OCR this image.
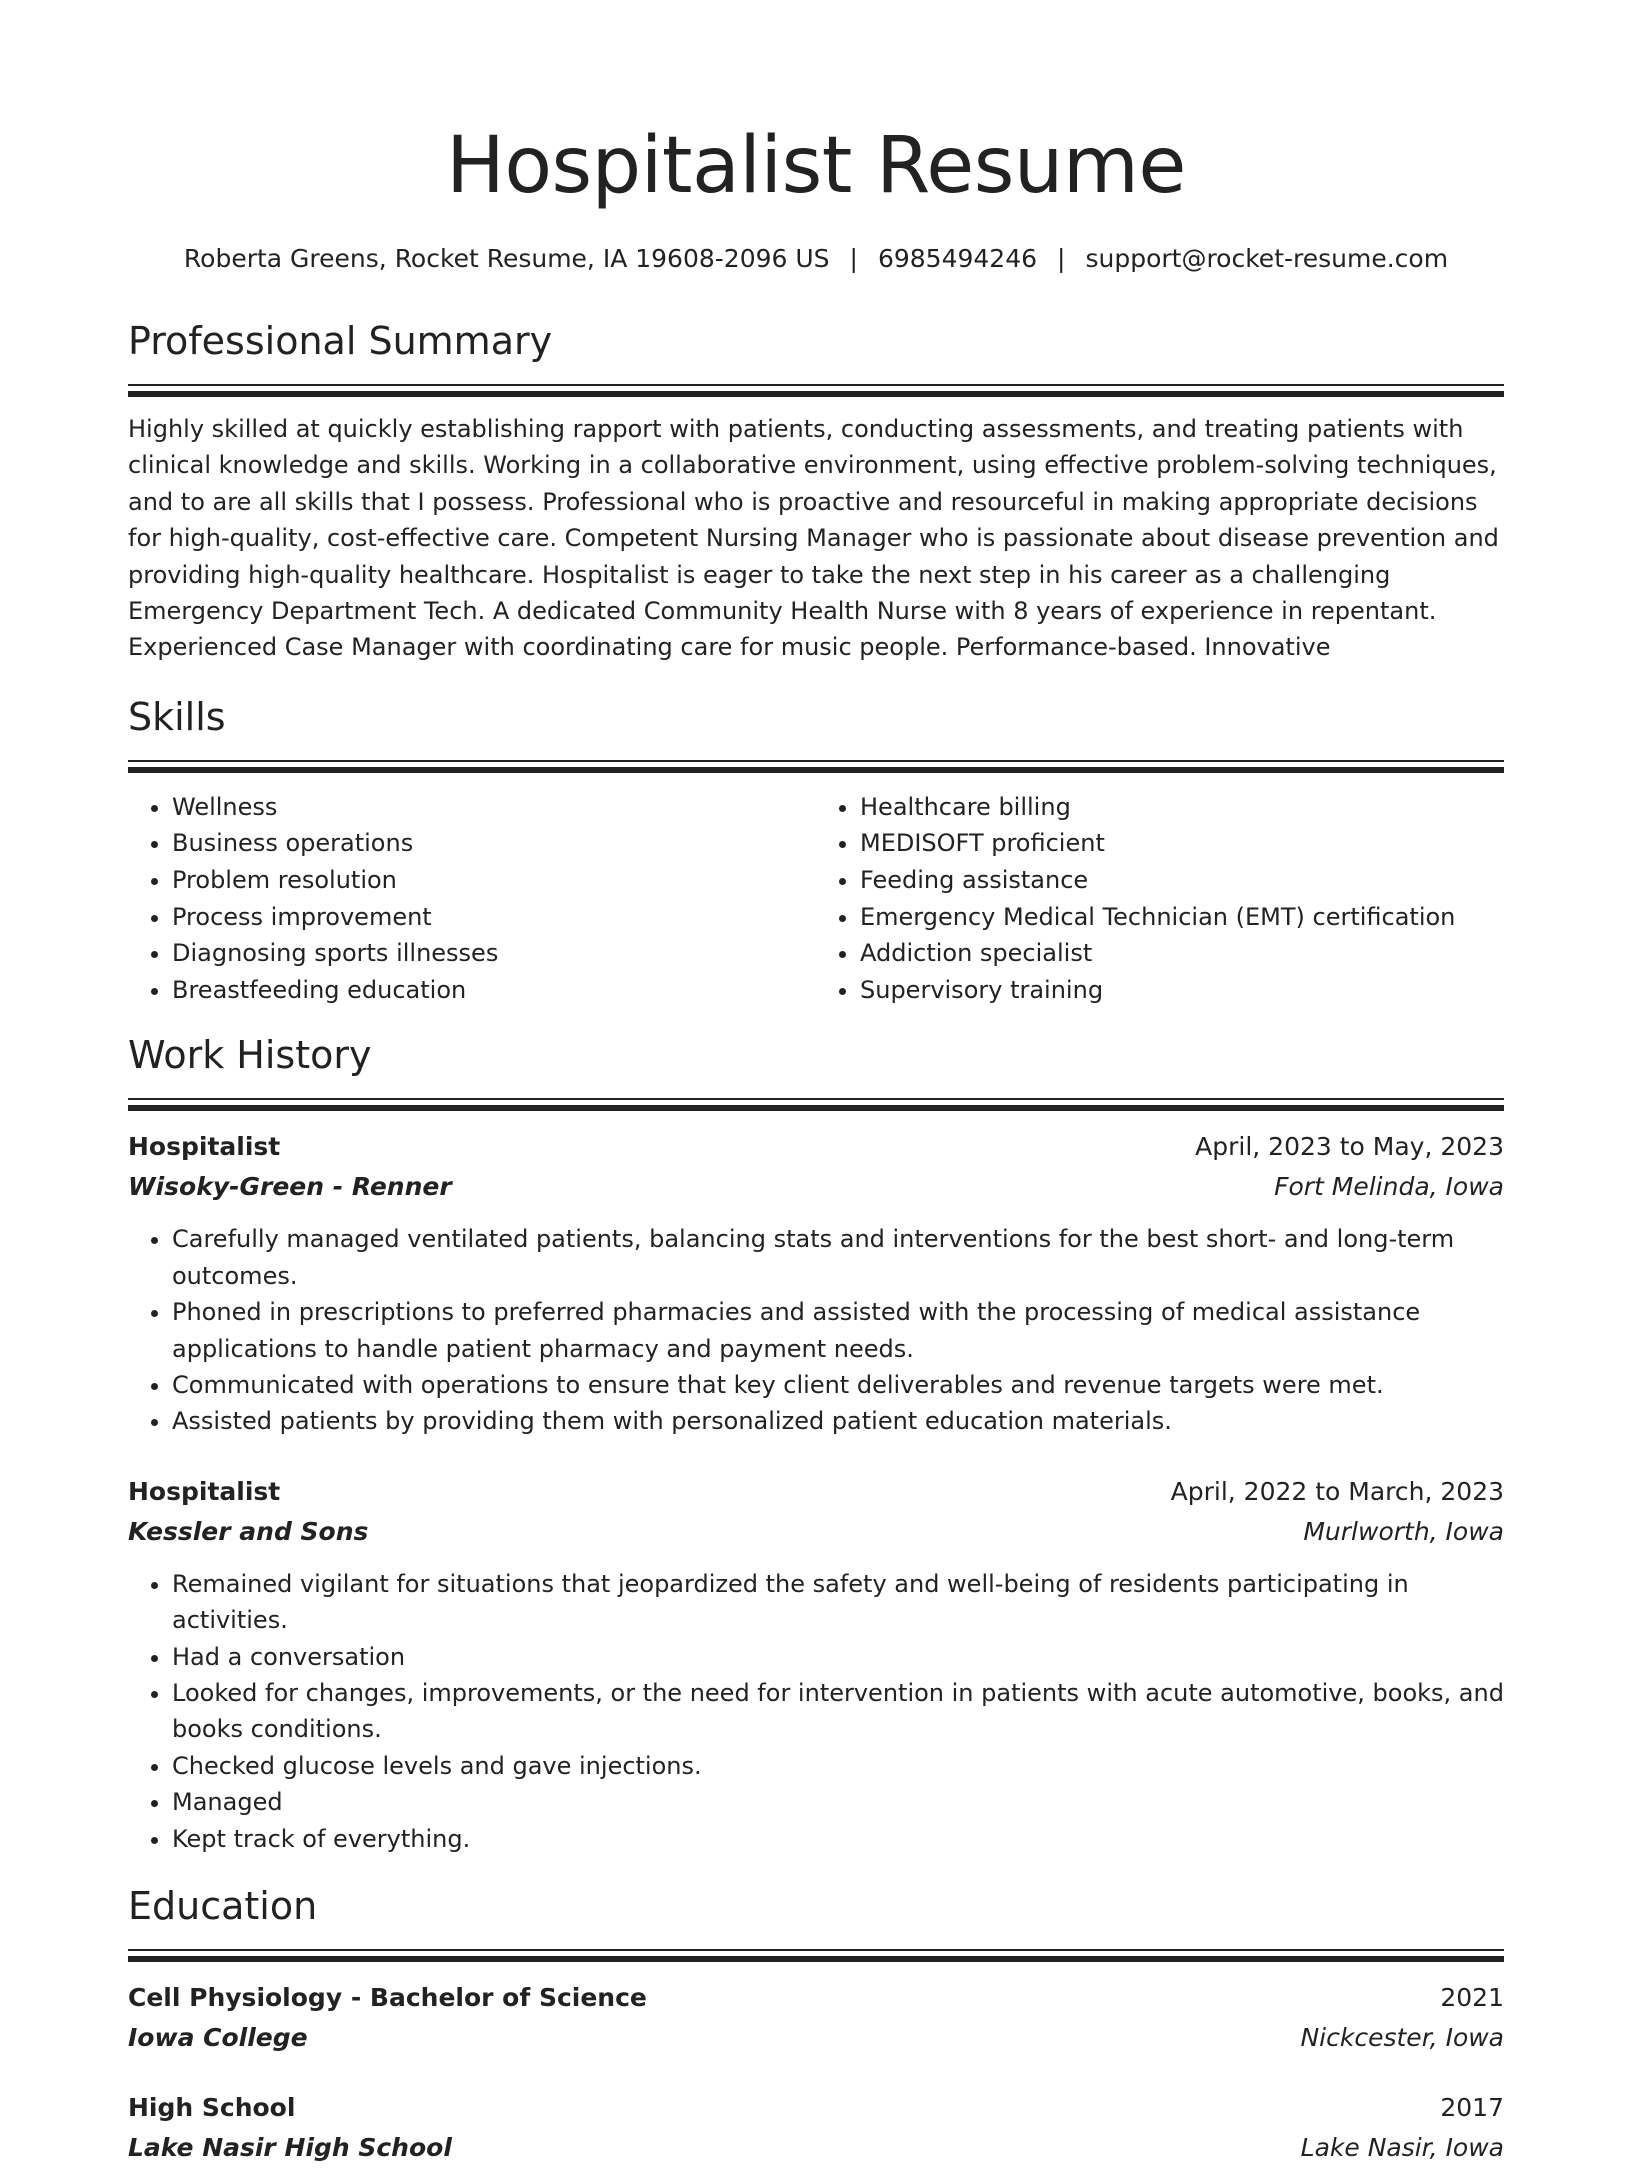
Hospitalist Resume
Roberta Greens, Rocket Resume, IA 19608-2096 US | 6985494246 | support@rocket-resume.com
Professional Summary

Highly skilled at quickly establishing rapport with patients, conducting assessments, and treating patients with clinical knowledge and skills. Working in a collaborative environment, using effective problem-solving techniques, and to are all skills that I possess. Professional who is proactive and resourceful in making appropriate decisions for high-quality, cost-effective care. Competent Nursing Manager who is passionate about disease prevention and providing high-quality healthcare. Hospitalist is eager to take the next step in his career as a challenging Emergency Department Tech. A dedicated Community Health Nurse with 8 years of experience in repentant. Experienced Case Manager with coordinating care for music people. Performance-based. Innovative

Skills
• Wellness
• Business operations
• Problem resolution
• Process improvement
• Diagnosing sports illnesses
• Breastfeeding education
• Healthcare billing
• MEDISOFT proficient
• Feeding assistance
• Emergency Medical Technician (EMT) certification
• Addiction specialist
• Supervisory training
Work History
Hospitalist	April, 2023 to May, 2023
Wisoky-Green - Renner	Fort Melinda, Iowa
• Carefully managed ventilated patients, balancing stats and interventions for the best short- and long-term outcomes.
• Phoned in prescriptions to preferred pharmacies and assisted with the processing of medical assistance applications to handle patient pharmacy and payment needs.
• Communicated with operations to ensure that key client deliverables and revenue targets were met.
• Assisted patients by providing them with personalized patient education materials.
Hospitalist	April, 2022 to March, 2023
Kessler and Sons	Murlworth, Iowa
• Remained vigilant for situations that jeopardized the safety and well-being of residents participating in activities.
• Had a conversation
• Looked for changes, improvements, or the need for intervention in patients with acute automotive, books, and books conditions.
• Checked glucose levels and gave injections.
• Managed
• Kept track of everything.
Education
Cell Physiology - Bachelor of Science	2021
Iowa College	Nickcester, Iowa
High School	2017
Lake Nasir High School	Lake Nasir, Iowa
